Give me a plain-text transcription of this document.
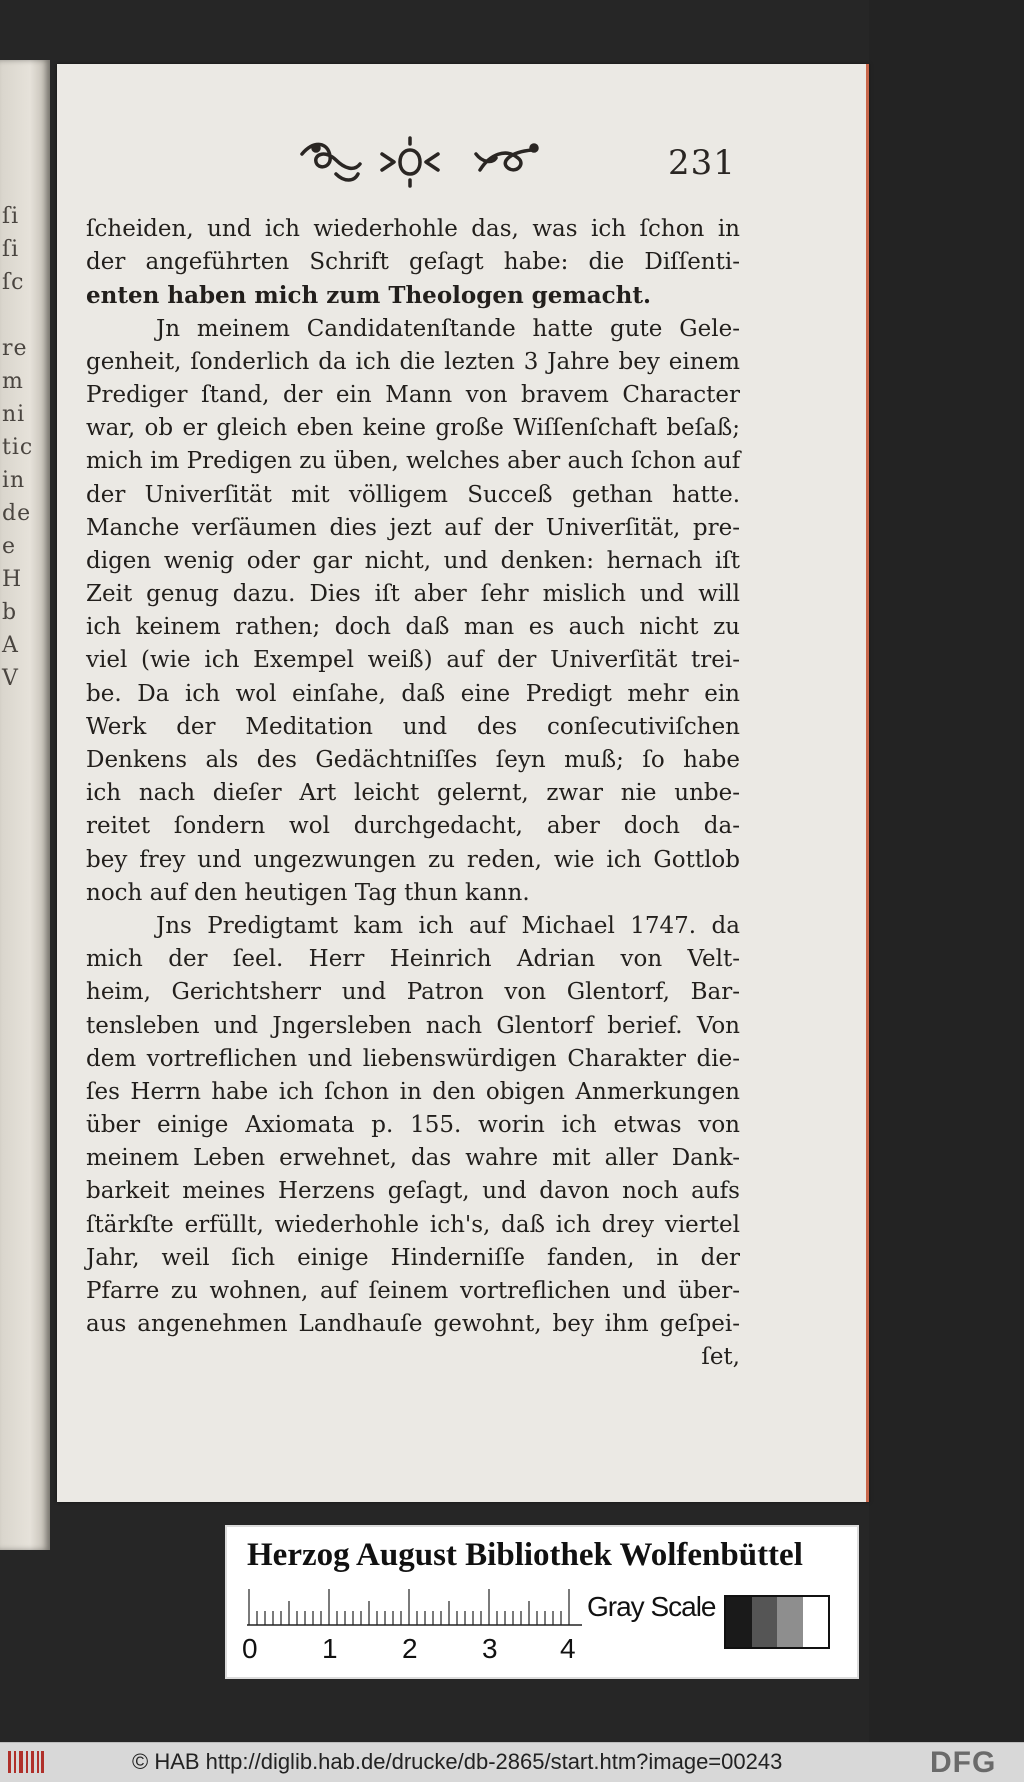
ſi
ſi
ſc

re
m
ni
tic
in
de
e
H
b
A
V

231
ſcheiden, und ich wiederhohle das, was ich ſchon in
der angeführten Schrift geſagt habe: die Diſſenti-
enten haben mich zum Theologen gemacht.
Jn meinem Candidatenſtande hatte gute Gele-
genheit, ſonderlich da ich die lezten 3 Jahre bey einem
Prediger ſtand, der ein Mann von bravem Character
war, ob er gleich eben keine große Wiſſenſchaft beſaß;
mich im Predigen zu üben, welches aber auch ſchon auf
der Univerſität mit völligem Succeß gethan hatte.
Manche verſäumen dies jezt auf der Univerſität, pre-
digen wenig oder gar nicht, und denken: hernach iſt
Zeit genug dazu. Dies iſt aber ſehr mislich und will
ich keinem rathen; doch daß man es auch nicht zu
viel (wie ich Exempel weiß) auf der Univerſität trei-
be. Da ich wol einſahe, daß eine Predigt mehr ein
Werk der Meditation und des conſecutiviſchen
Denkens als des Gedächtniſſes ſeyn muß; ſo habe
ich nach dieſer Art leicht gelernt, zwar nie unbe-
reitet ſondern wol durchgedacht, aber doch da-
bey frey und ungezwungen zu reden, wie ich Gottlob
noch auf den heutigen Tag thun kann.
Jns Predigtamt kam ich auf Michael 1747. da
mich der ſeel. Herr Heinrich Adrian von Velt-
heim, Gerichtsherr und Patron von Glentorf, Bar-
tensleben und Jngersleben nach Glentorf berief. Von
dem vortreflichen und liebenswürdigen Charakter die-
ſes Herrn habe ich ſchon in den obigen Anmerkungen
über einige Axiomata p. 155. worin ich etwas von
meinem Leben erwehnet, das wahre mit aller Dank-
barkeit meines Herzens geſagt, und davon noch aufs
ſtärkſte erfüllt, wiederhohle ich's, daß ich drey viertel
Jahr, weil ſich einige Hinderniſſe fanden, in der
Pfarre zu wohnen, auf ſeinem vortreflichen und über-
aus angenehmen Landhauſe gewohnt, bey ihm geſpei-
ſet,
Herzog August Bibliothek Wolfenbüttel
0 1 2 3 4
Gray Scale
© HAB http://diglib.hab.de/drucke/db-2865/start.htm?image=00243	DFG
